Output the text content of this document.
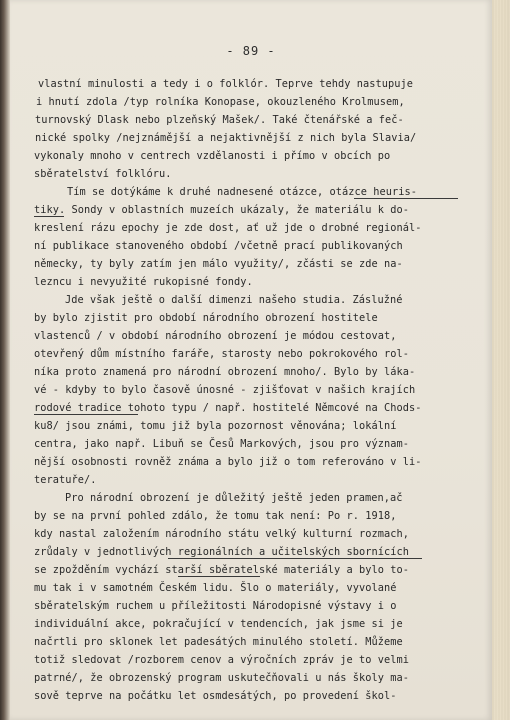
- 89 -
vlastní minulosti a tedy i o folklór. Teprve tehdy nastupuje
i hnutí zdola /typ rolníka Konopase, okouzleného Krolmusem,
turnovský Dlask nebo plzeňský Mašek/. Také čtenářské a feč-
nické spolky /nejznámější a nejaktivnější z nich byla Slavia/
vykonaly mnoho v centrech vzdělanosti i přímo v obcích po
sběratelství folklóru.
Tím se dotýkáme k druhé nadnesené otázce, otázce heuris-
tiky. Sondy v oblastních muzeích ukázaly, že materiálu k do-
kreslení rázu epochy je zde dost, ať už jde o drobné regionál-
ní publikace stanoveného období /včetně prací publikovaných
německy, ty byly zatím jen málo využity/, zčásti se zde na-
lezncu i nevyužité rukopisné fondy.
Jde však ještě o další dimenzi našeho studia. Záslužné
by bylo zjistit pro období národního obrození hostitele
vlastenců / v období národního obrození je módou cestovat,
otevřený dům místního faráře, starosty nebo pokrokového rol-
níka proto znamená pro národní obrození mnoho/. Bylo by láka-
vé - kdyby to bylo časově únosné - zjišťovat v našich krajích
rodové tradice tohoto typu / např. hostitelé Němcové na Chods-
ku8/ jsou známi, tomu již byla pozornost věnována; lokální
centra, jako např. Libuň se Česů Markových, jsou pro význam-
nější osobnosti rovněž známa a bylo již o tom referováno v li-
teratuře/.
Pro národní obrození je důležitý ještě jeden pramen,ač
by se na první pohled zdálo, že tomu tak není: Po r. 1918,
kdy nastal založením národního státu velký kulturní rozmach,
zrůdaly v jednotlivých regionálních a učitelských sbornících
se zpožděním vychází starší sběratelské materiály a bylo to-
mu tak i v samotném Českém lidu. Šlo o materiály, vyvolané
sběratelským ruchem u příležitosti Národopisné výstavy i o
individuální akce, pokračující v tendencích, jak jsme si je
načrtli pro sklonek let padesátých minulého století. Můžeme
totiž sledovat /rozborem cenov a výročních zpráv je to velmi
patrné/, že obrozenský program uskutečňovali u nás školy ma-
sově teprve na počátku let osmdesátých, po provedení škol-
